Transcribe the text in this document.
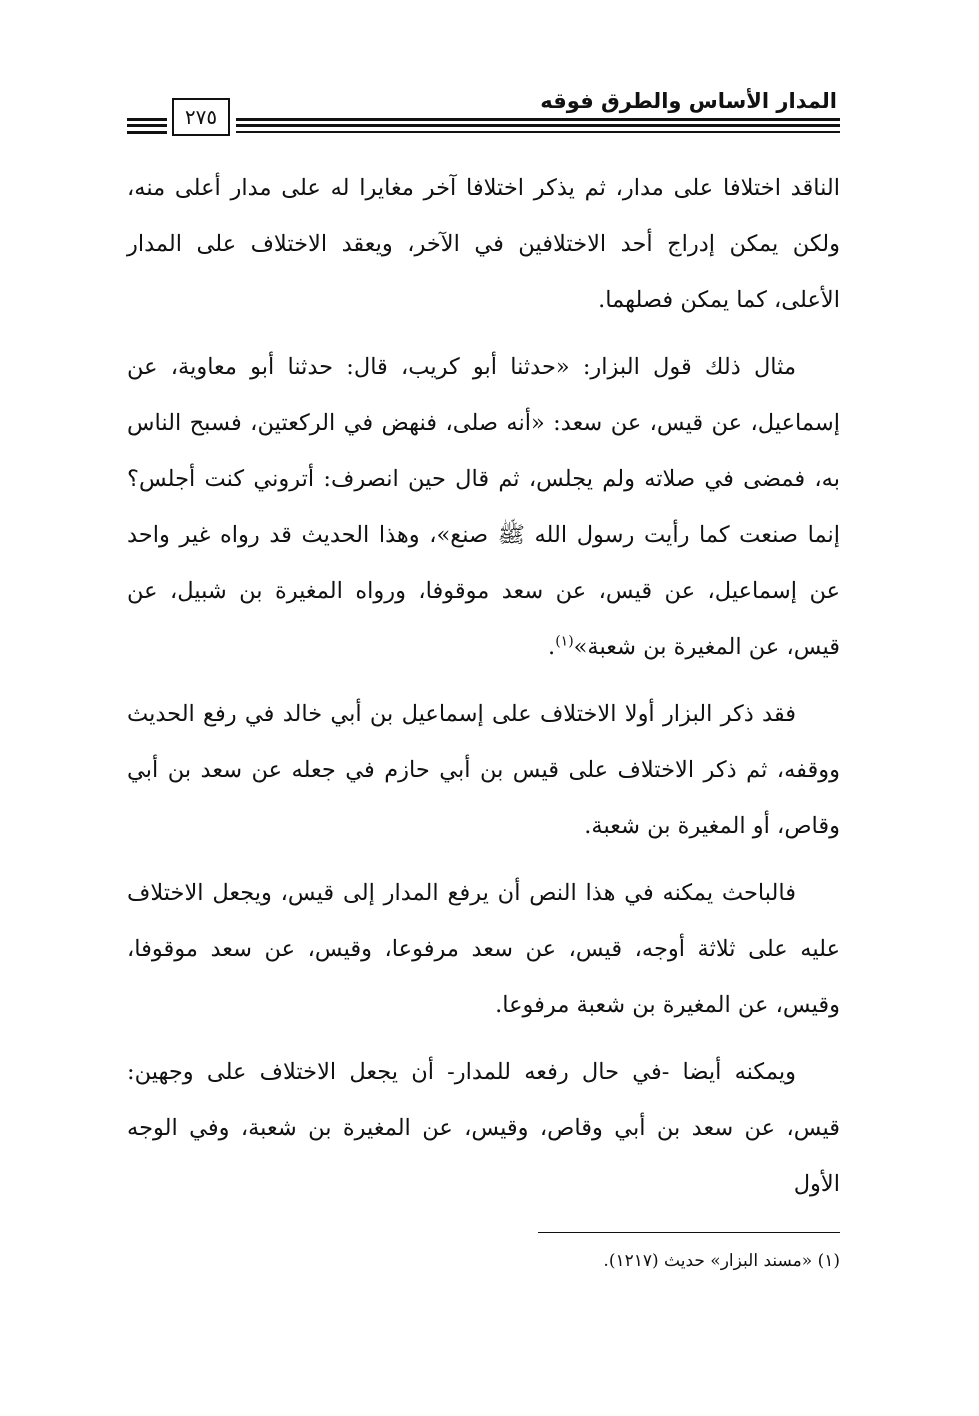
المدار الأساس والطرق فوقه
٢٧٥

الناقد اختلافا على مدار، ثم يذكر اختلافا آخر مغايرا له على مدار أعلى منه، ولكن يمكن إدراج أحد الاختلافين في الآخر، ويعقد الاختلاف على المدار الأعلى، كما يمكن فصلهما.

مثال ذلك قول البزار: «حدثنا أبو كريب، قال: حدثنا أبو معاوية، عن إسماعيل، عن قيس، عن سعد: «أنه صلى، فنهض في الركعتين، فسبح الناس به، فمضى في صلاته ولم يجلس، ثم قال حين انصرف: أتروني كنت أجلس؟ إنما صنعت كما رأيت رسول الله ﷺ صنع»، وهذا الحديث قد رواه غير واحد عن إسماعيل، عن قيس، عن سعد موقوفا، ورواه المغيرة بن شبيل، عن قيس، عن المغيرة بن شعبة»$^{(١)}$.

فقد ذكر البزار أولا الاختلاف على إسماعيل بن أبي خالد في رفع الحديث ووقفه، ثم ذكر الاختلاف على قيس بن أبي حازم في جعله عن سعد بن أبي وقاص، أو المغيرة بن شعبة.

فالباحث يمكنه في هذا النص أن يرفع المدار إلى قيس، ويجعل الاختلاف عليه على ثلاثة أوجه، قيس، عن سعد مرفوعا، وقيس، عن سعد موقوفا، وقيس، عن المغيرة بن شعبة مرفوعا.

ويمكنه أيضا -في حال رفعه للمدار- أن يجعل الاختلاف على وجهين: قيس، عن سعد بن أبي وقاص، وقيس، عن المغيرة بن شعبة، وفي الوجه الأول

(١) «مسند البزار» حديث (١٢١٧).
